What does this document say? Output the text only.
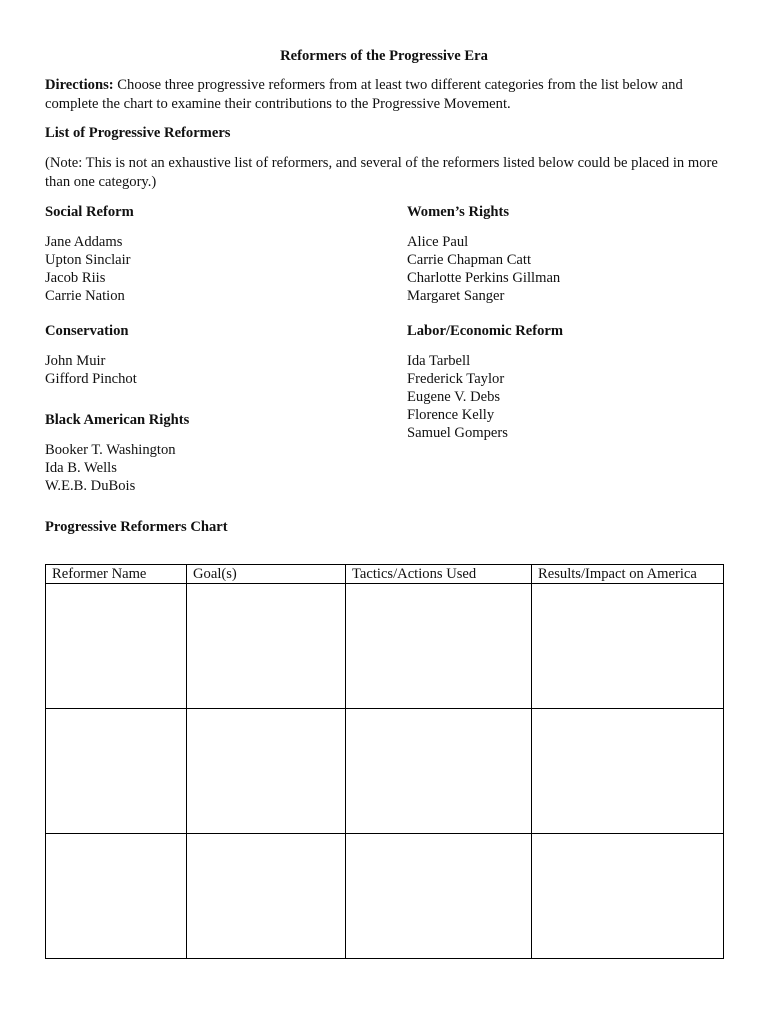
Reformers of the Progressive Era
Directions: Choose three progressive reformers from at least two different categories from the list below and complete the chart to examine their contributions to the Progressive Movement.
List of Progressive Reformers
(Note: This is not an exhaustive list of reformers, and several of the reformers listed below could be placed in more than one category.)
Social Reform
Jane Addams
Upton Sinclair
Jacob Riis
Carrie Nation
Women’s Rights
Alice Paul
Carrie Chapman Catt
Charlotte Perkins Gillman
Margaret Sanger
Conservation
John Muir
Gifford Pinchot
Labor/Economic Reform
Ida Tarbell
Frederick Taylor
Eugene V. Debs
Florence Kelly
Samuel Gompers
Black American Rights
Booker T. Washington
Ida B. Wells
W.E.B. DuBois
Progressive Reformers Chart
Reformer Name	Goal(s)	Tactics/Actions Used	Results/Impact on America
